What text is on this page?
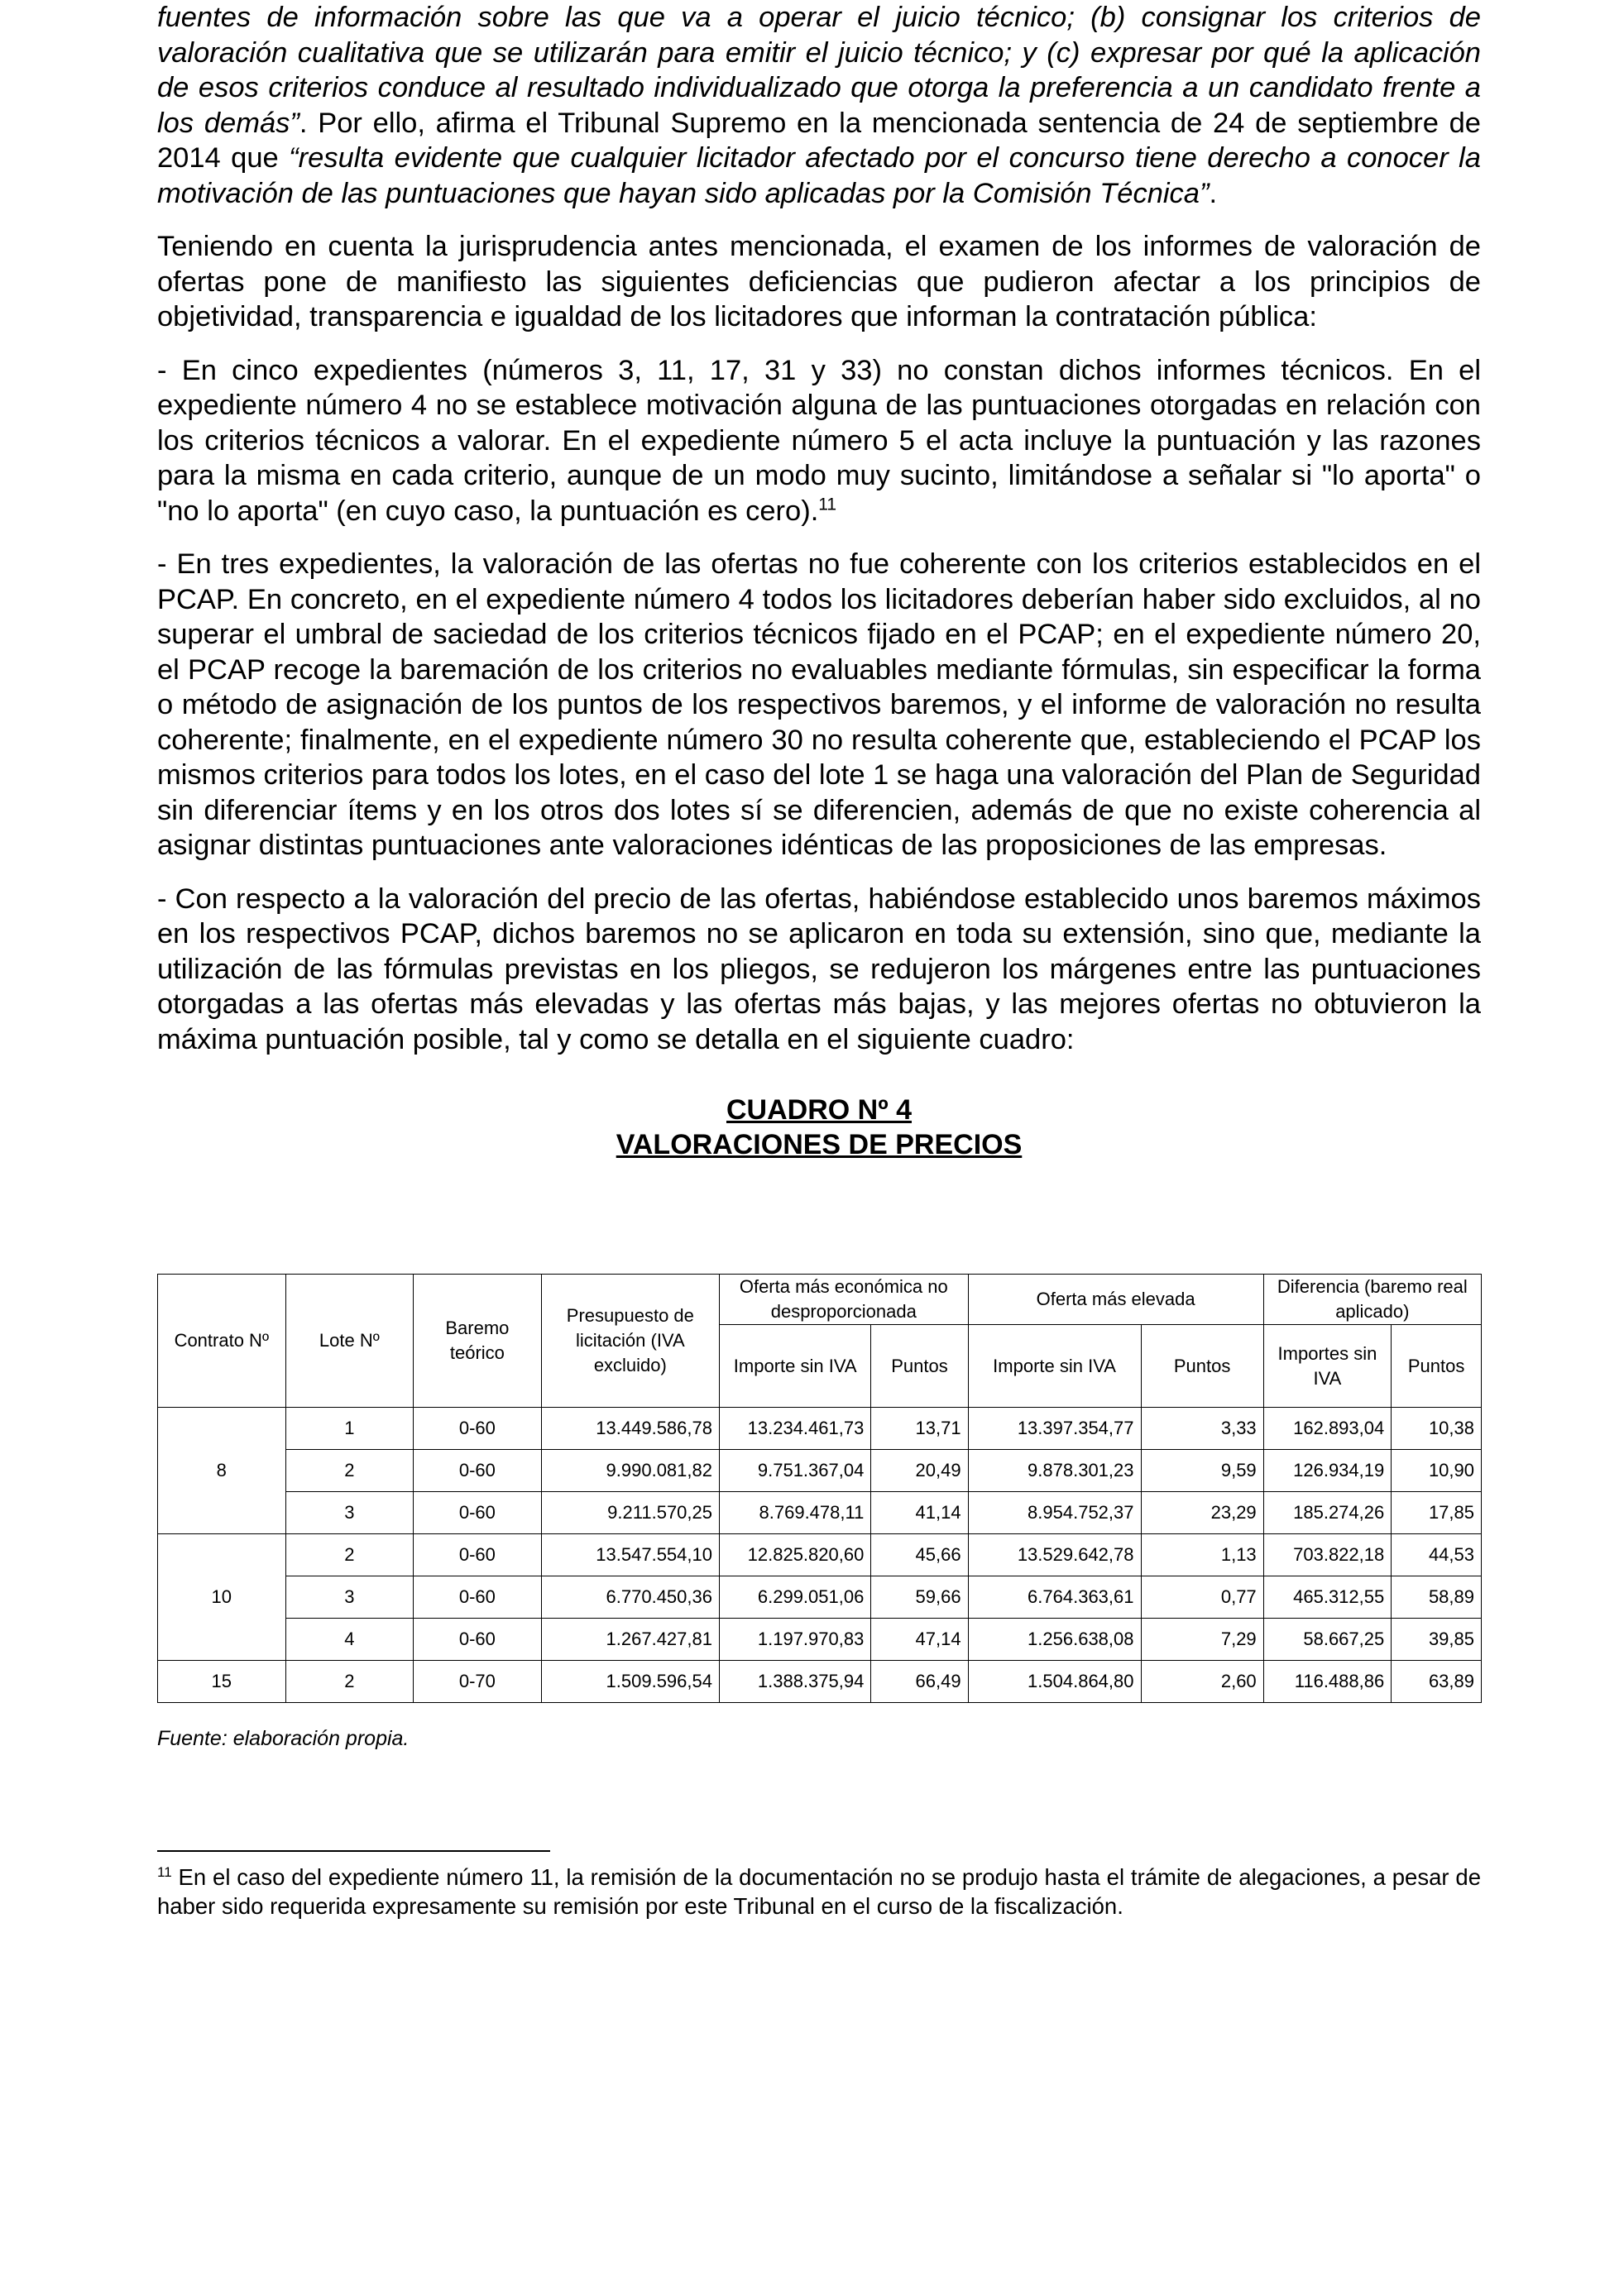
fuentes de información sobre las que va a operar el juicio técnico; (b) consignar los criterios de valoración cualitativa que se utilizarán para emitir el juicio técnico; y (c) expresar por qué la aplicación de esos criterios conduce al resultado individualizado que otorga la preferencia a un candidato frente a los demás”. Por ello, afirma el Tribunal Supremo en la mencionada sentencia de 24 de septiembre de 2014 que “resulta evidente que cualquier licitador afectado por el concurso tiene derecho a conocer la motivación de las puntuaciones que hayan sido aplicadas por la Comisión Técnica”.

Teniendo en cuenta la jurisprudencia antes mencionada, el examen de los informes de valoración de ofertas pone de manifiesto las siguientes deficiencias que pudieron afectar a los principios de objetividad, transparencia e igualdad de los licitadores que informan la contratación pública:

- En cinco expedientes (números 3, 11, 17, 31 y 33) no constan dichos informes técnicos. En el expediente número 4 no se establece motivación alguna de las puntuaciones otorgadas en relación con los criterios técnicos a valorar. En el expediente número 5 el acta incluye la puntuación y las razones para la misma en cada criterio, aunque de un modo muy sucinto, limitándose a señalar si "lo aporta" o "no lo aporta" (en cuyo caso, la puntuación es cero).$^{11}$

- En tres expedientes, la valoración de las ofertas no fue coherente con los criterios establecidos en el PCAP. En concreto, en el expediente número 4 todos los licitadores deberían haber sido excluidos, al no superar el umbral de saciedad de los criterios técnicos fijado en el PCAP; en el expediente número 20, el PCAP recoge la baremación de los criterios no evaluables mediante fórmulas, sin especificar la forma o método de asignación de los puntos de los respectivos baremos, y el informe de valoración no resulta coherente; finalmente, en el expediente número 30 no resulta coherente que, estableciendo el PCAP los mismos criterios para todos los lotes, en el caso del lote 1 se haga una valoración del Plan de Seguridad sin diferenciar ítems y en los otros dos lotes sí se diferencien, además de que no existe coherencia al asignar distintas puntuaciones ante valoraciones idénticas de las proposiciones de las empresas.

- Con respecto a la valoración del precio de las ofertas, habiéndose establecido unos baremos máximos en los respectivos PCAP, dichos baremos no se aplicaron en toda su extensión, sino que, mediante la utilización de las fórmulas previstas en los pliegos, se redujeron los márgenes entre las puntuaciones otorgadas a las ofertas más elevadas y las ofertas más bajas, y las mejores ofertas no obtuvieron la máxima puntuación posible, tal y como se detalla en el siguiente cuadro:

CUADRO Nº 4
VALORACIONES DE PRECIOS
Contrato Nº	Lote Nº	Baremo teórico	Presupuesto de licitación (IVA excluido)	Oferta más económica no desproporcionada		Oferta más elevada		Diferencia (baremo real aplicado)	
				Importe sin IVA	Puntos	Importe sin IVA	Puntos	Importes sin IVA	Puntos
8	1	0-60	13.449.586,78	13.234.461,73	13,71	13.397.354,77	3,33	162.893,04	10,38
	2	0-60	9.990.081,82	9.751.367,04	20,49	9.878.301,23	9,59	126.934,19	10,90
	3	0-60	9.211.570,25	8.769.478,11	41,14	8.954.752,37	23,29	185.274,26	17,85
10	2	0-60	13.547.554,10	12.825.820,60	45,66	13.529.642,78	1,13	703.822,18	44,53
	3	0-60	6.770.450,36	6.299.051,06	59,66	6.764.363,61	0,77	465.312,55	58,89
	4	0-60	1.267.427,81	1.197.970,83	47,14	1.256.638,08	7,29	58.667,25	39,85
15	2	0-70	1.509.596,54	1.388.375,94	66,49	1.504.864,80	2,60	116.488,86	63,89
Fuente: elaboración propia.
$^{11}$ En el caso del expediente número 11, la remisión de la documentación no se produjo hasta el trámite de alegaciones, a pesar de haber sido requerida expresamente su remisión por este Tribunal en el curso de la fiscalización.
